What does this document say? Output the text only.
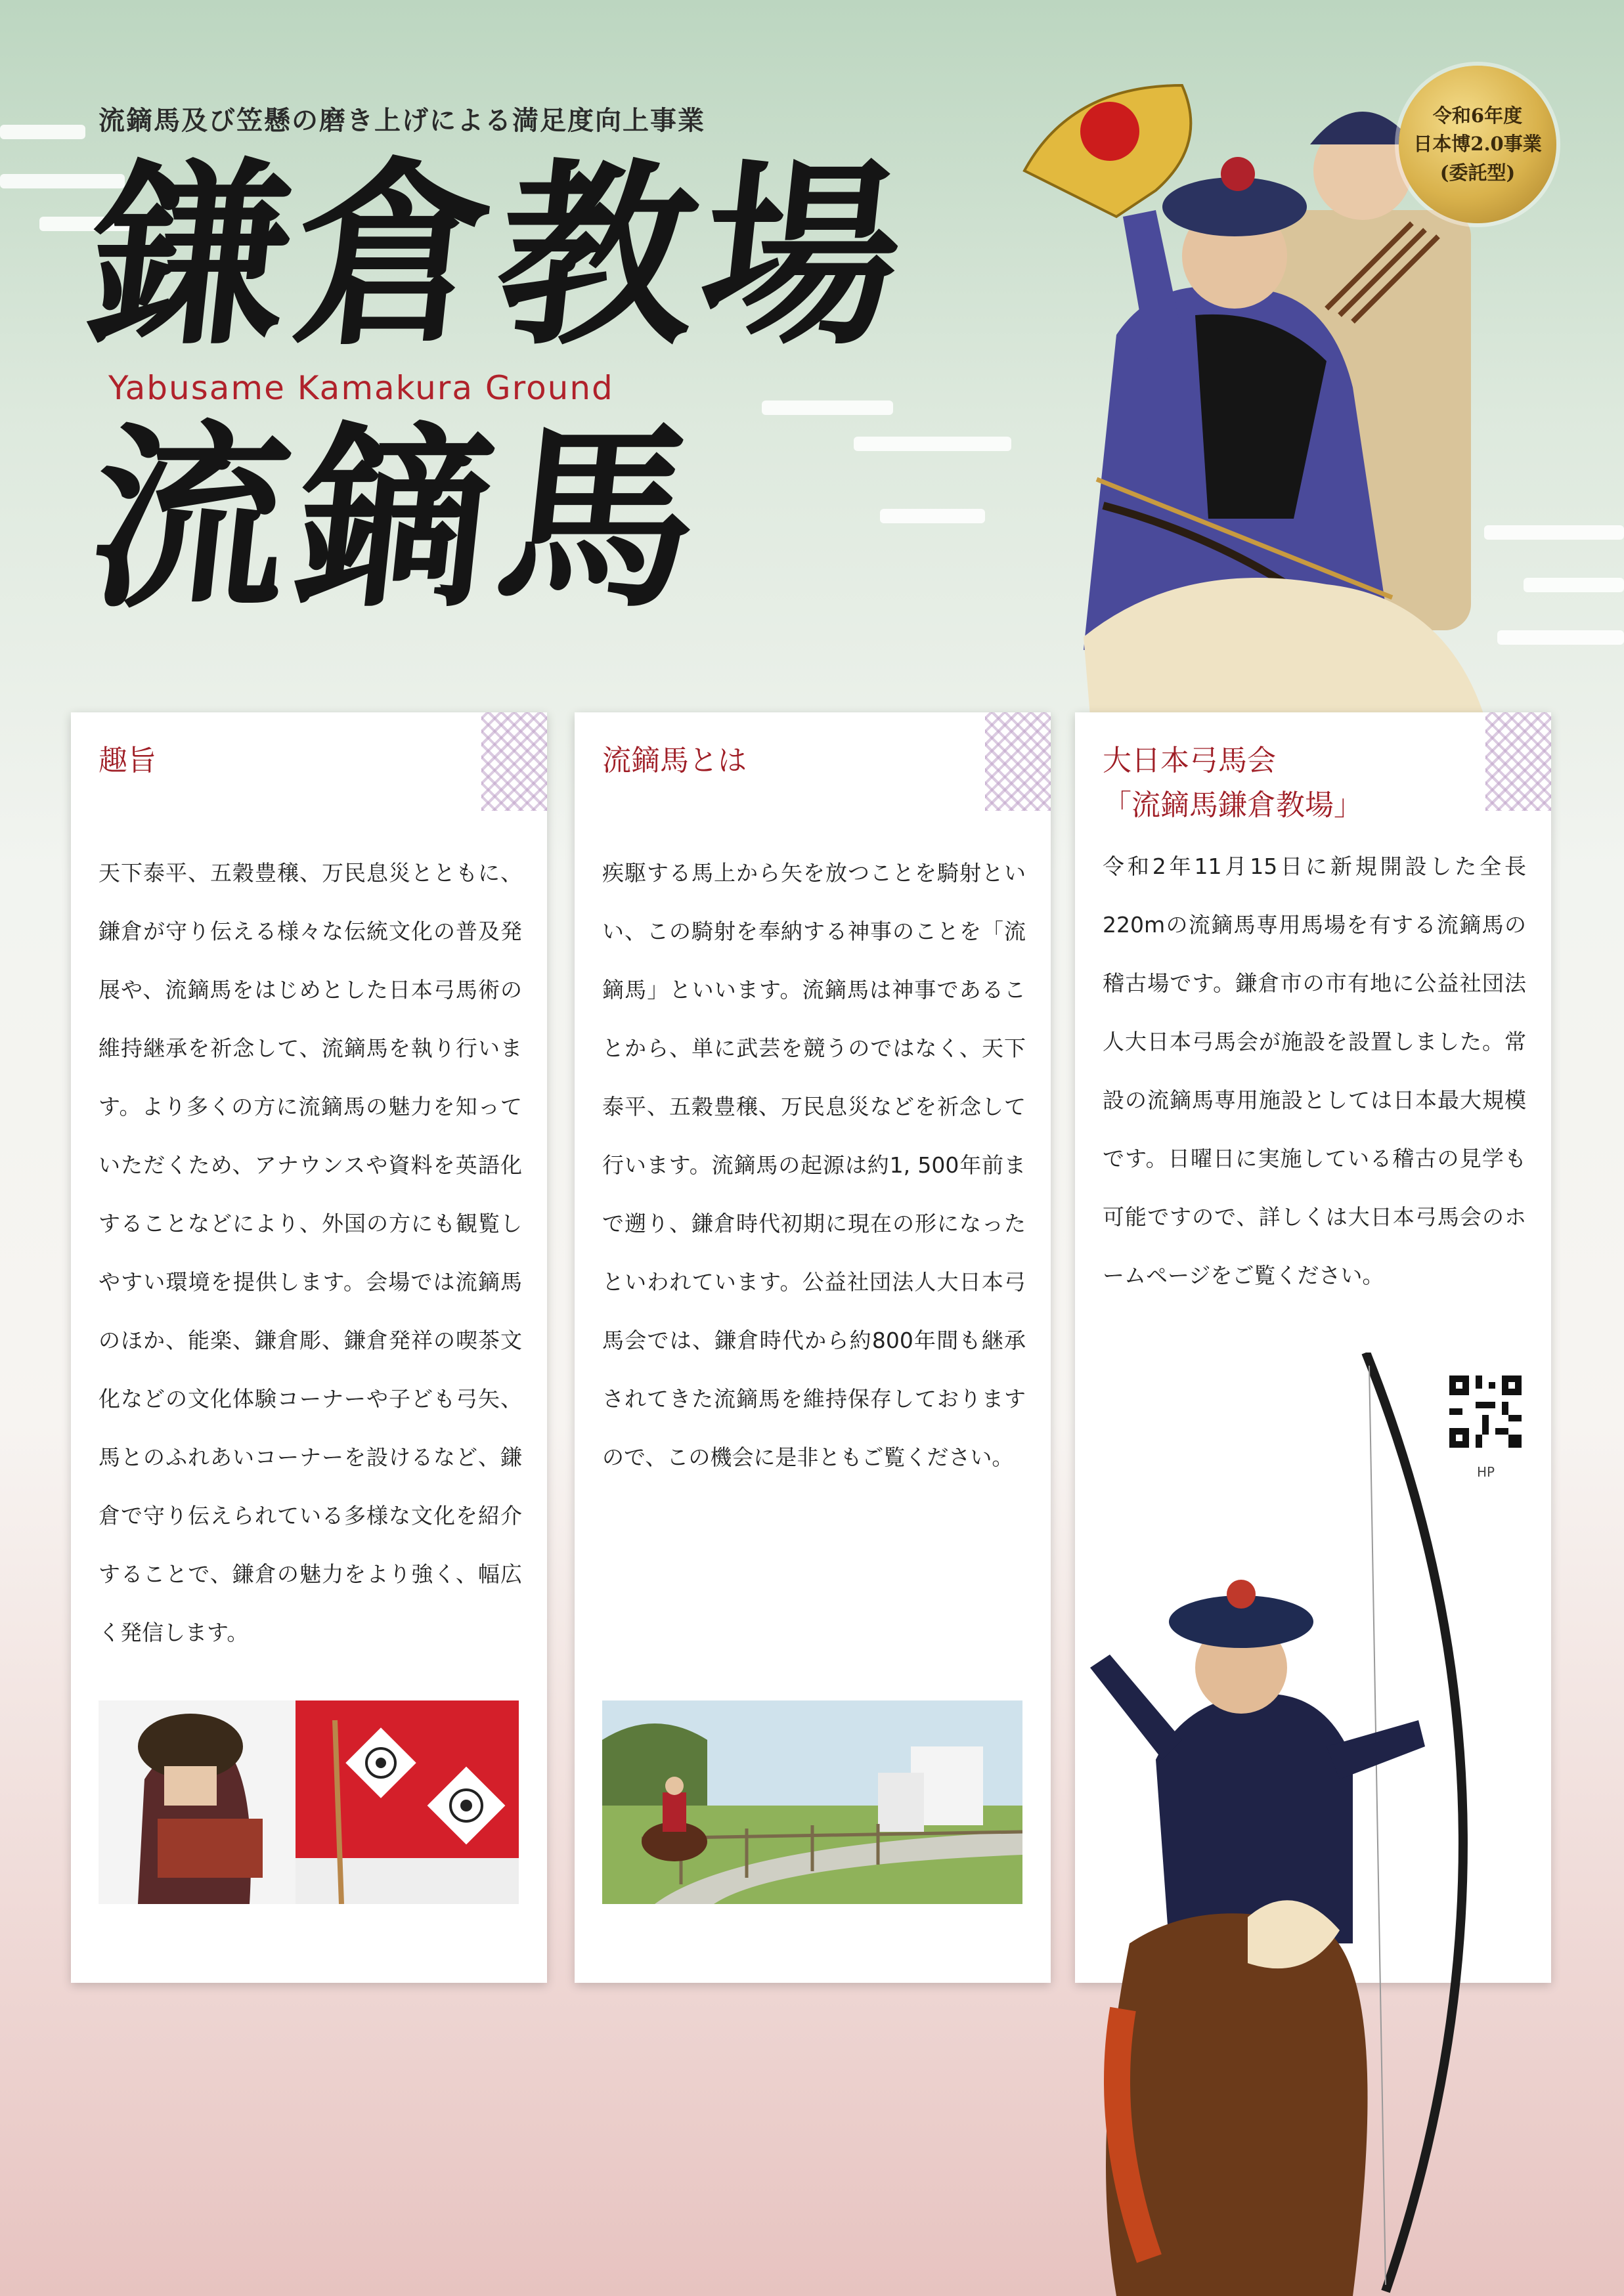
流鏑馬及び笠懸の磨き上げによる満足度向上事業
鎌倉教場
Yabusame Kamakura Ground
流鏑馬
令和6年度
日本博2.0事業
(委託型)
趣旨
天下泰平、五穀豊穣、万民息災とともに、鎌倉が守り伝える様々な伝統文化の普及発展や、流鏑馬をはじめとした日本弓馬術の維持継承を祈念して、流鏑馬を執り行います。より多くの方に流鏑馬の魅力を知っていただくため、アナウンスや資料を英語化することなどにより、外国の方にも観覧しやすい環境を提供します。会場では流鏑馬のほか、能楽、鎌倉彫、鎌倉発祥の喫茶文化などの文化体験コーナーや子ども弓矢、馬とのふれあいコーナーを設けるなど、鎌倉で守り伝えられている多様な文化を紹介することで、鎌倉の魅力をより強く、幅広く発信します。
流鏑馬とは
疾駆する馬上から矢を放つことを騎射といい、この騎射を奉納する神事のことを「流鏑馬」といいます。流鏑馬は神事であることから、単に武芸を競うのではなく、天下泰平、五穀豊穣、万民息災などを祈念して行います。流鏑馬の起源は約1, 500年前まで遡り、鎌倉時代初期に現在の形になったといわれています。公益社団法人大日本弓馬会では、鎌倉時代から約800年間も継承されてきた流鏑馬を維持保存しておりますので、この機会に是非ともご覧ください。
大日本弓馬会
「流鏑馬鎌倉教場」
令和2年11月15日に新規開設した全長220mの流鏑馬専用馬場を有する流鏑馬の稽古場です。鎌倉市の市有地に公益社団法人大日本弓馬会が施設を設置しました。常設の流鏑馬専用施設としては日本最大規模です。日曜日に実施している稽古の見学も可能ですので、詳しくは大日本弓馬会のホームページをご覧ください。
HP
